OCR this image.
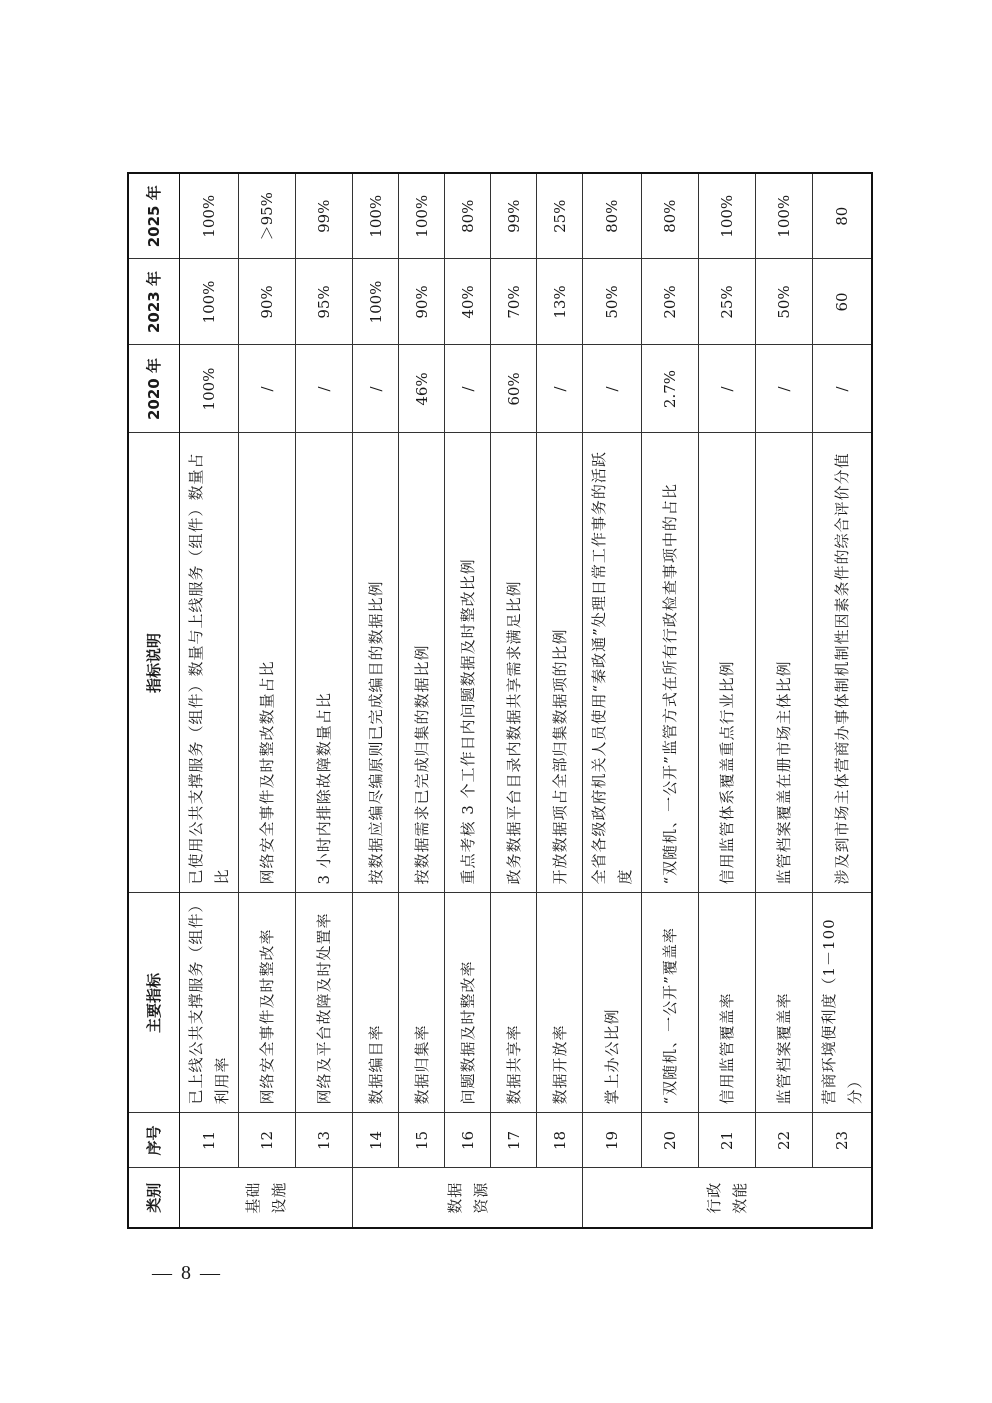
类别	序号	主要指标	指标说明	2020 年	2023 年	2025 年
基础设施	11	已上线公共支撑服务（组件）利用率	已使用公共支撑服务（组件）数量与上线服务（组件）数量占比	100%	100%	100%
	12	网络安全事件及时整改率	网络安全事件及时整改数量占比	/	90%	＞95%
	13	网络及平台故障及时处置率	3 小时内排除故障数量占比	/	95%	99%
数据资源	14	数据编目率	按数据应编尽编原则已完成编目的数据比例	/	100%	100%
	15	数据归集率	按数据需求已完成归集的数据比例	46%	90%	100%
	16	问题数据及时整改率	重点考核 3 个工作日内问题数据及时整改比例	/	40%	80%
	17	数据共享率	政务数据平台目录内数据共享需求满足比例	60%	70%	99%
	18	数据开放率	开放数据项占全部归集数据项的比例	/	13%	25%
行政效能	19	掌上办公比例	全省各级政府机关人员使用“秦政通”处理日常工作事务的活跃度	/	50%	80%
	20	“双随机、一公开”覆盖率	“双随机、一公开”监管方式在所有行政检查事项中的占比	2.7%	20%	80%
	21	信用监管覆盖率	信用监管体系覆盖重点行业比例	/	25%	100%
	22	监管档案覆盖率	监管档案覆盖在册市场主体比例	/	50%	100%
	23	营商环境便利度（1－100 分）	涉及到市场主体营商办事体制机制性因素条件的综合评价分值	/	60	80
— 8 —
